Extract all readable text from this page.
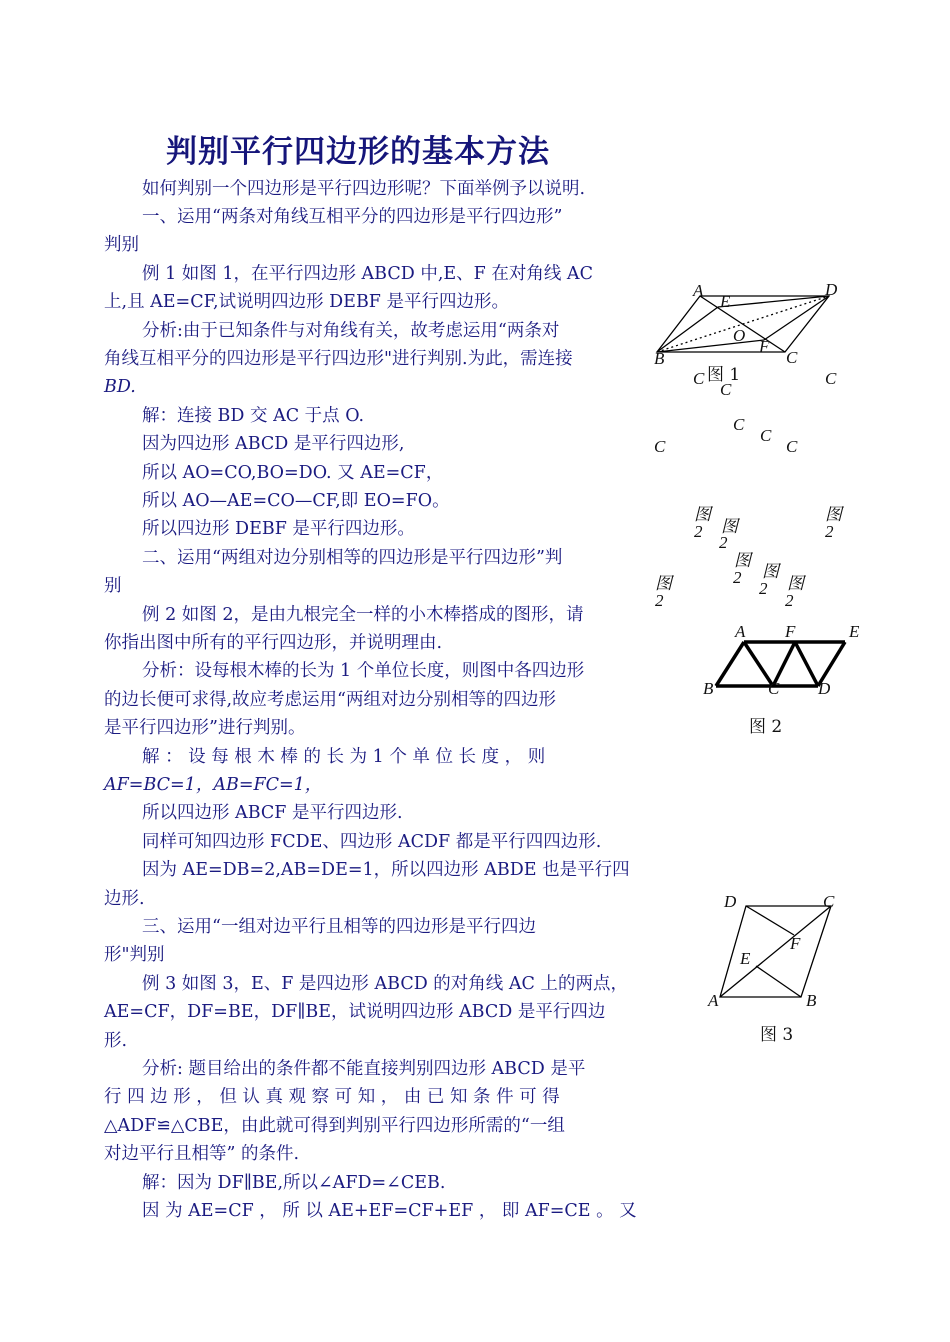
判别平行四边形的基本方法
如何判别一个四边形是平行四边形呢？下面举例予以说明.
一、运用“两条对角线互相平分的四边形是平行四边形”
判别
例 1 如图 1，在平行四边形 ABCD 中,E、F 在对角线 AC
上,且 AE=CF,试说明四边形 DEBF 是平行四边形。
分析:由于已知条件与对角线有关，故考虑运用“两条对
角线互相平分的四边形是平行四边形"进行判别.为此，需连接
BD.
解：连接 BD 交 AC 于点 O.
因为四边形 ABCD 是平行四边形,
所以 AO=CO,BO=DO. 又 AE=CF，
所以 AO—AE=CO—CF,即 EO=FO。
所以四边形 DEBF 是平行四边形。
二、运用“两组对边分别相等的四边形是平行四边形”判
别
例 2 如图 2，是由九根完全一样的小木棒搭成的图形，请
你指出图中所有的平行四边形，并说明理由.
分析：设每根木棒的长为 1 个单位长度，则图中各四边形
的边长便可求得,故应考虑运用“两组对边分别相等的四边形
是平行四边形”进行判别。
解 ： 设 每 根 木 棒 的 长 为 1 个 单 位 长 度 ， 则
AF=BC=1，AB=FC=1，
所以四边形 ABCF 是平行四边形.
同样可知四边形 FCDE、四边形 ACDF 都是平行四四边形.
因为 AE=DB=2,AB=DE=1，所以四边形 ABDE 也是平行四
边形.
三、运用“一组对边平行且相等的四边形是平行四边
形"判别
例 3 如图 3，E、F 是四边形 ABCD 的对角线 AC 上的两点，
AE=CF，DF=BE，DF∥BE，试说明四边形 ABCD 是平行四边
形.
分析: 题目给出的条件都不能直接判别四边形 ABCD 是平
行 四 边 形 ， 但 认 真 观 察 可 知 ， 由 已 知 条 件 可 得
△ADF≌△CBE，由此就可得到判别平行四边形所需的“一组
对边平行且相等” 的条件.
解：因为 DF∥BE,所以∠AFD=∠CEB.
因 为 AE=CF ， 所 以 AE+EF=CF+EF ， 即 AF=CE 。 又
A
E
D
O
F
B	C
图 1
C
C
C
C
C
C	C
图
2 图
2
图
2
图
2 图
2
图
2
图
2
A F	E
B	C D
图 2
D	C
F
E
A	B
图 3
